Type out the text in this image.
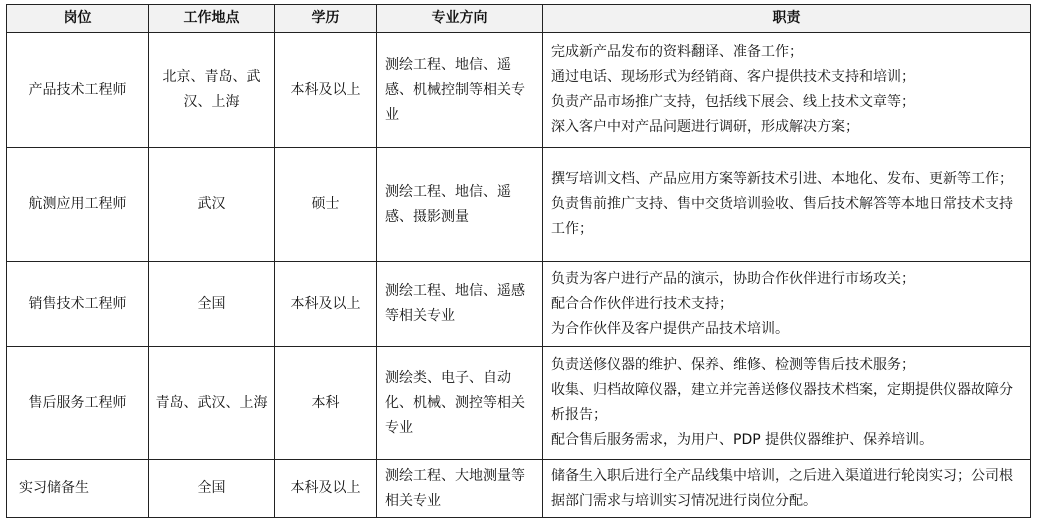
岗位	工作地点	学历	专业方向	职责
产品技术工程师	北京、青岛、武汉、上海	本科及以上	测绘工程、地信、遥感、机械控制等相关专业	完成新产品发布的资料翻译、准备工作；
通过电话、现场形式为经销商、客户提供技术支持和培训；
负责产品市场推广支持，包括线下展会、线上技术文章等；
深入客户中对产品问题进行调研，形成解决方案；

航测应用工程师	武汉	硕士	测绘工程、地信、遥感、摄影测量	撰写培训文档、产品应用方案等新技术引进、本地化、发布、更新等工作；
负责售前推广支持、售中交货培训验收、售后技术解答等本地日常技术支持工作；

销售技术工程师	全国	本科及以上	测绘工程、地信、遥感等相关专业	负责为客户进行产品的演示，协助合作伙伴进行市场攻关；
配合合作伙伴进行技术支持；
为合作伙伴及客户提供产品技术培训。

售后服务工程师	青岛、武汉、上海	本科	测绘类、电子、自动化、机械、测控等相关专业	负责送修仪器的维护、保养、维修、检测等售后技术服务；
收集、归档故障仪器，建立并完善送修仪器技术档案，定期提供仪器故障分析报告；
配合售后服务需求，为用户、PDP 提供仪器维护、保养培训。

实习储备生	全国	本科及以上	测绘工程、大地测量等相关专业	储备生入职后进行全产品线集中培训，之后进入渠道进行轮岗实习；公司根据部门需求与培训实习情况进行岗位分配。
